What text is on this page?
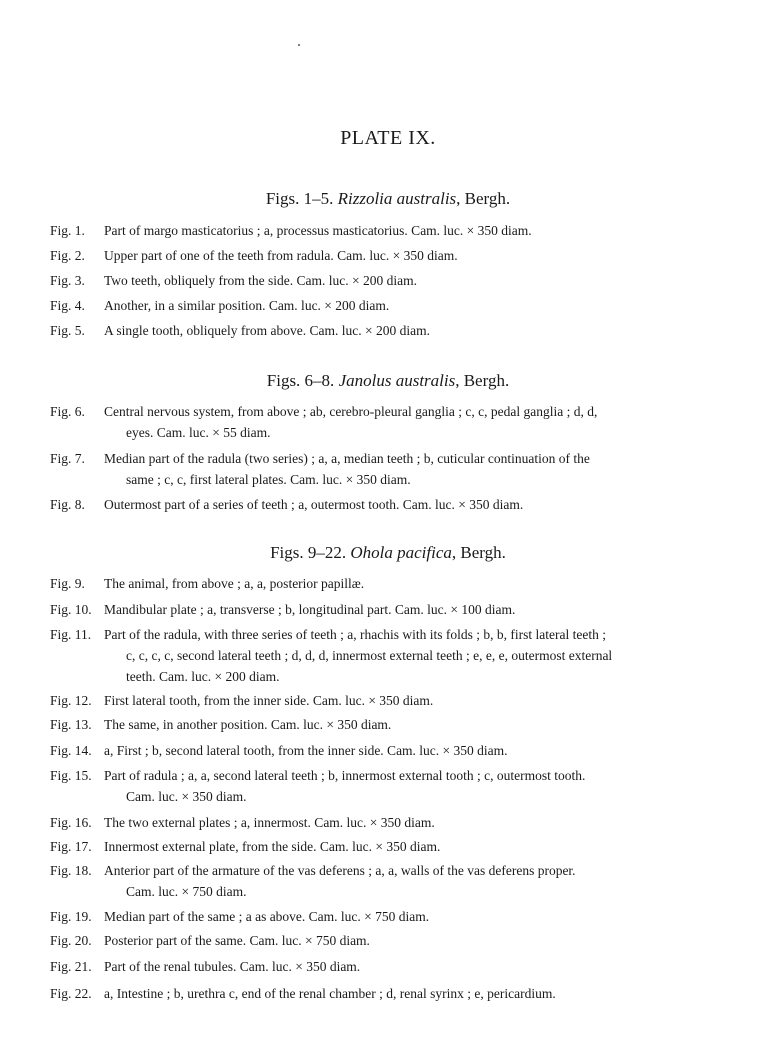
PLATE IX.
Figs. 1–5. Rizzolia australis, Bergh.
Fig. 1.	Part of margo masticatorius ; a, processus masticatorius. Cam. luc. × 350 diam.
Fig. 2.	Upper part of one of the teeth from radula. Cam. luc. × 350 diam.
Fig. 3.	Two teeth, obliquely from the side. Cam. luc. × 200 diam.
Fig. 4.	Another, in a similar position. Cam. luc. × 200 diam.
Fig. 5.	A single tooth, obliquely from above. Cam. luc. × 200 diam.
Figs. 6–8. Janolus australis, Bergh.
Fig. 6.	Central nervous system, from above ; ab, cerebro-pleural ganglia ; c, c, pedal ganglia ; d, d,
eyes. Cam. luc. × 55 diam.
Fig. 7.	Median part of the radula (two series) ; a, a, median teeth ; b, cuticular continuation of the
same ; c, c, first lateral plates. Cam. luc. × 350 diam.
Fig. 8.	Outermost part of a series of teeth ; a, outermost tooth. Cam. luc. × 350 diam.
Figs. 9–22. Ohola pacifica, Bergh.
Fig. 9.	The animal, from above ; a, a, posterior papillæ.
Fig. 10. Mandibular plate ; a, transverse ; b, longitudinal part. Cam. luc. × 100 diam.
Fig. 11. Part of the radula, with three series of teeth ; a, rhachis with its folds ; b, b, first lateral teeth ;
c, c, c, c, second lateral teeth ; d, d, d, innermost external teeth ; e, e, e, outermost external
teeth. Cam. luc. × 200 diam.
Fig. 12. First lateral tooth, from the inner side. Cam. luc. × 350 diam.
Fig. 13. The same, in another position. Cam. luc. × 350 diam.
Fig. 14. a, First ; b, second lateral tooth, from the inner side. Cam. luc. × 350 diam.
Fig. 15. Part of radula ; a, a, second lateral teeth ; b, innermost external tooth ; c, outermost tooth.
Cam. luc. × 350 diam.
Fig. 16. The two external plates ; a, innermost. Cam. luc. × 350 diam.
Fig. 17. Innermost external plate, from the side. Cam. luc. × 350 diam.
Fig. 18. Anterior part of the armature of the vas deferens ; a, a, walls of the vas deferens proper.
Cam. luc. × 750 diam.
Fig. 19. Median part of the same ; a as above. Cam. luc. × 750 diam.
Fig. 20. Posterior part of the same. Cam. luc. × 750 diam.
Fig. 21. Part of the renal tubules. Cam. luc. × 350 diam.
Fig. 22. a, Intestine ; b, urethra c, end of the renal chamber ; d, renal syrinx ; e, pericardium.
